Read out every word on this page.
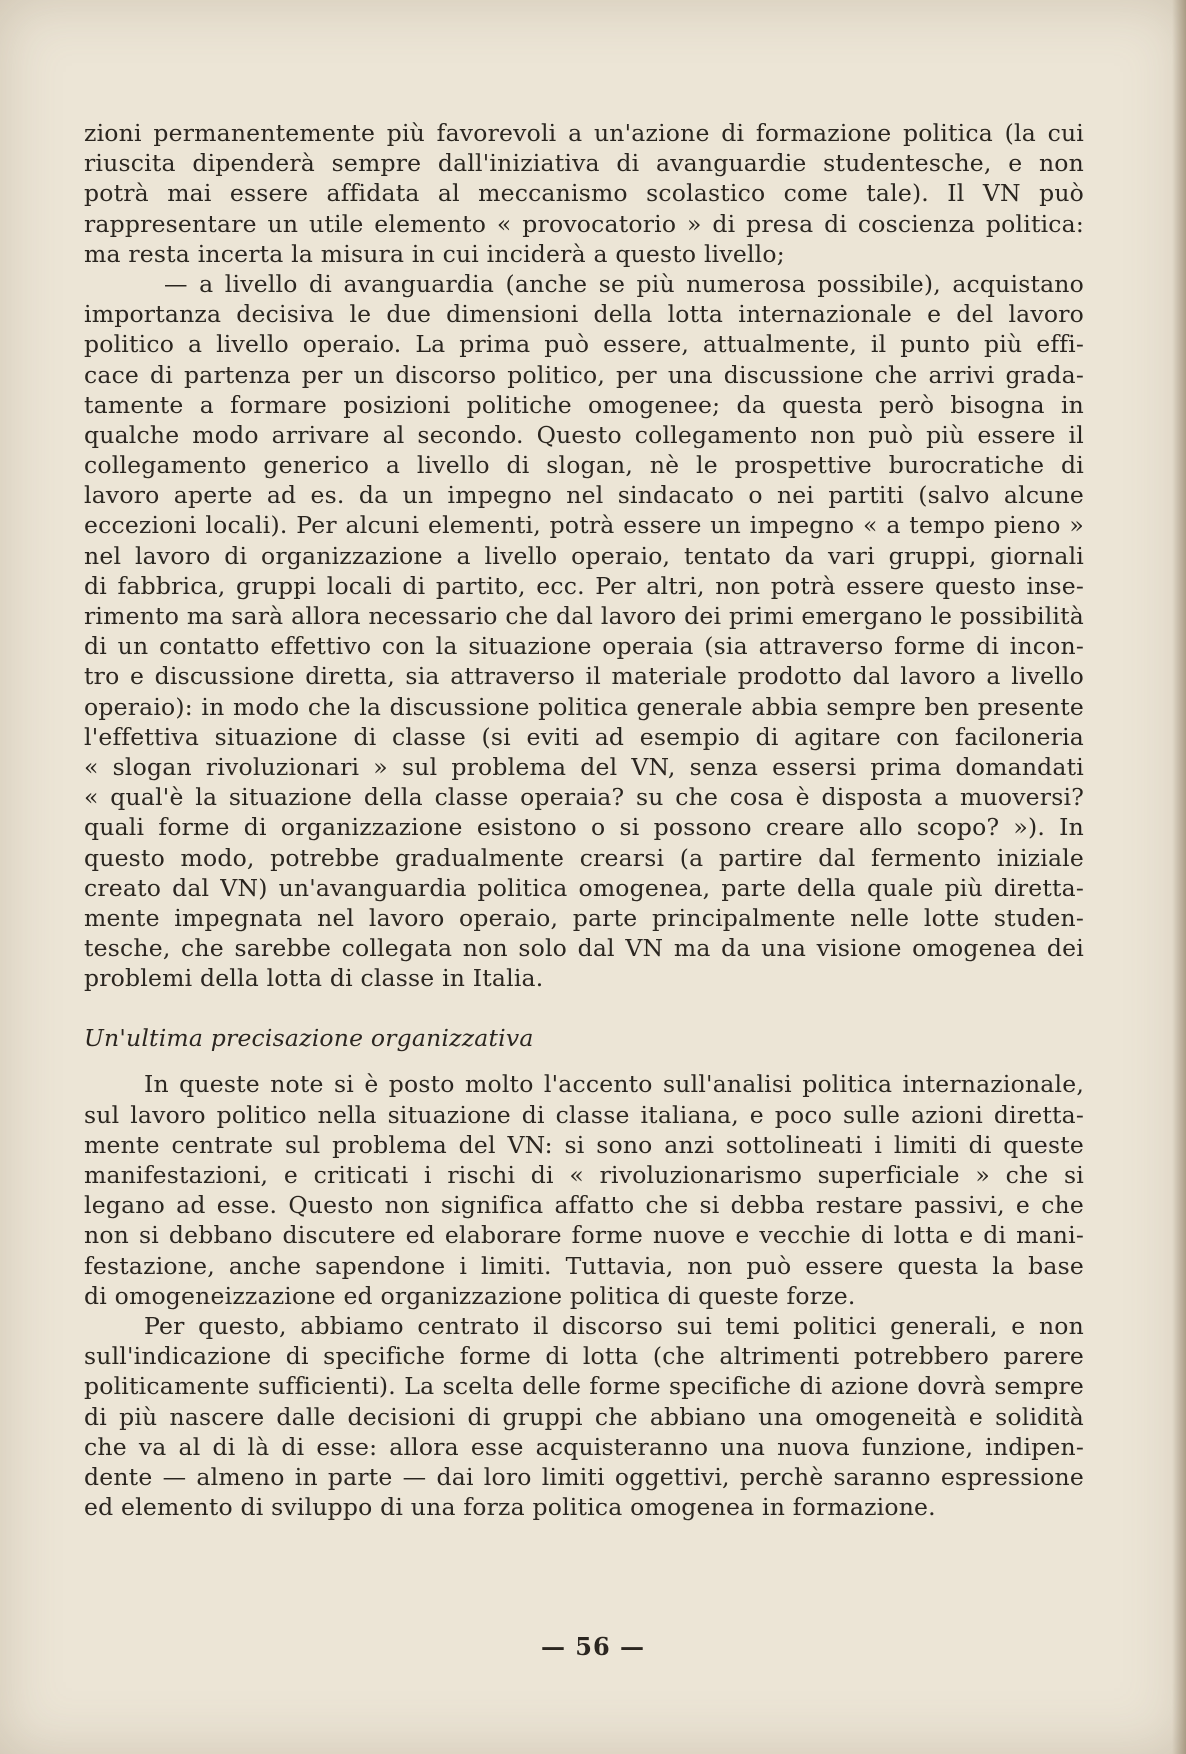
zioni permanentemente più favorevoli a un'azione di formazione politica (la cui
riuscita dipenderà sempre dall'iniziativa di avanguardie studentesche, e non
potrà mai essere affidata al meccanismo scolastico come tale). Il VN può
rappresentare un utile elemento « provocatorio » di presa di coscienza politica:
ma resta incerta la misura in cui inciderà a questo livello;
— a livello di avanguardia (anche se più numerosa possibile), acquistano
importanza decisiva le due dimensioni della lotta internazionale e del lavoro
politico a livello operaio. La prima può essere, attualmente, il punto più effi-
cace di partenza per un discorso politico, per una discussione che arrivi grada-
tamente a formare posizioni politiche omogenee; da questa però bisogna in
qualche modo arrivare al secondo. Questo collegamento non può più essere il
collegamento generico a livello di slogan, nè le prospettive burocratiche di
lavoro aperte ad es. da un impegno nel sindacato o nei partiti (salvo alcune
eccezioni locali). Per alcuni elementi, potrà essere un impegno « a tempo pieno »
nel lavoro di organizzazione a livello operaio, tentato da vari gruppi, giornali
di fabbrica, gruppi locali di partito, ecc. Per altri, non potrà essere questo inse-
rimento ma sarà allora necessario che dal lavoro dei primi emergano le possibilità
di un contatto effettivo con la situazione operaia (sia attraverso forme di incon-
tro e discussione diretta, sia attraverso il materiale prodotto dal lavoro a livello
operaio): in modo che la discussione politica generale abbia sempre ben presente
l'effettiva situazione di classe (si eviti ad esempio di agitare con faciloneria
« slogan rivoluzionari » sul problema del VN, senza essersi prima domandati
« qual'è la situazione della classe operaia? su che cosa è disposta a muoversi?
quali forme di organizzazione esistono o si possono creare allo scopo? »). In
questo modo, potrebbe gradualmente crearsi (a partire dal fermento iniziale
creato dal VN) un'avanguardia politica omogenea, parte della quale più diretta-
mente impegnata nel lavoro operaio, parte principalmente nelle lotte studen-
tesche, che sarebbe collegata non solo dal VN ma da una visione omogenea dei
problemi della lotta di classe in Italia.
Un'ultima precisazione organizzativa
In queste note si è posto molto l'accento sull'analisi politica internazionale,
sul lavoro politico nella situazione di classe italiana, e poco sulle azioni diretta-
mente centrate sul problema del VN: si sono anzi sottolineati i limiti di queste
manifestazioni, e criticati i rischi di « rivoluzionarismo superficiale » che si
legano ad esse. Questo non significa affatto che si debba restare passivi, e che
non si debbano discutere ed elaborare forme nuove e vecchie di lotta e di mani-
festazione, anche sapendone i limiti. Tuttavia, non può essere questa la base
di omogeneizzazione ed organizzazione politica di queste forze.
Per questo, abbiamo centrato il discorso sui temi politici generali, e non
sull'indicazione di specifiche forme di lotta (che altrimenti potrebbero parere
politicamente sufficienti). La scelta delle forme specifiche di azione dovrà sempre
di più nascere dalle decisioni di gruppi che abbiano una omogeneità e solidità
che va al di là di esse: allora esse acquisteranno una nuova funzione, indipen-
dente — almeno in parte — dai loro limiti oggettivi, perchè saranno espressione
ed elemento di sviluppo di una forza politica omogenea in formazione.
— 56 —
